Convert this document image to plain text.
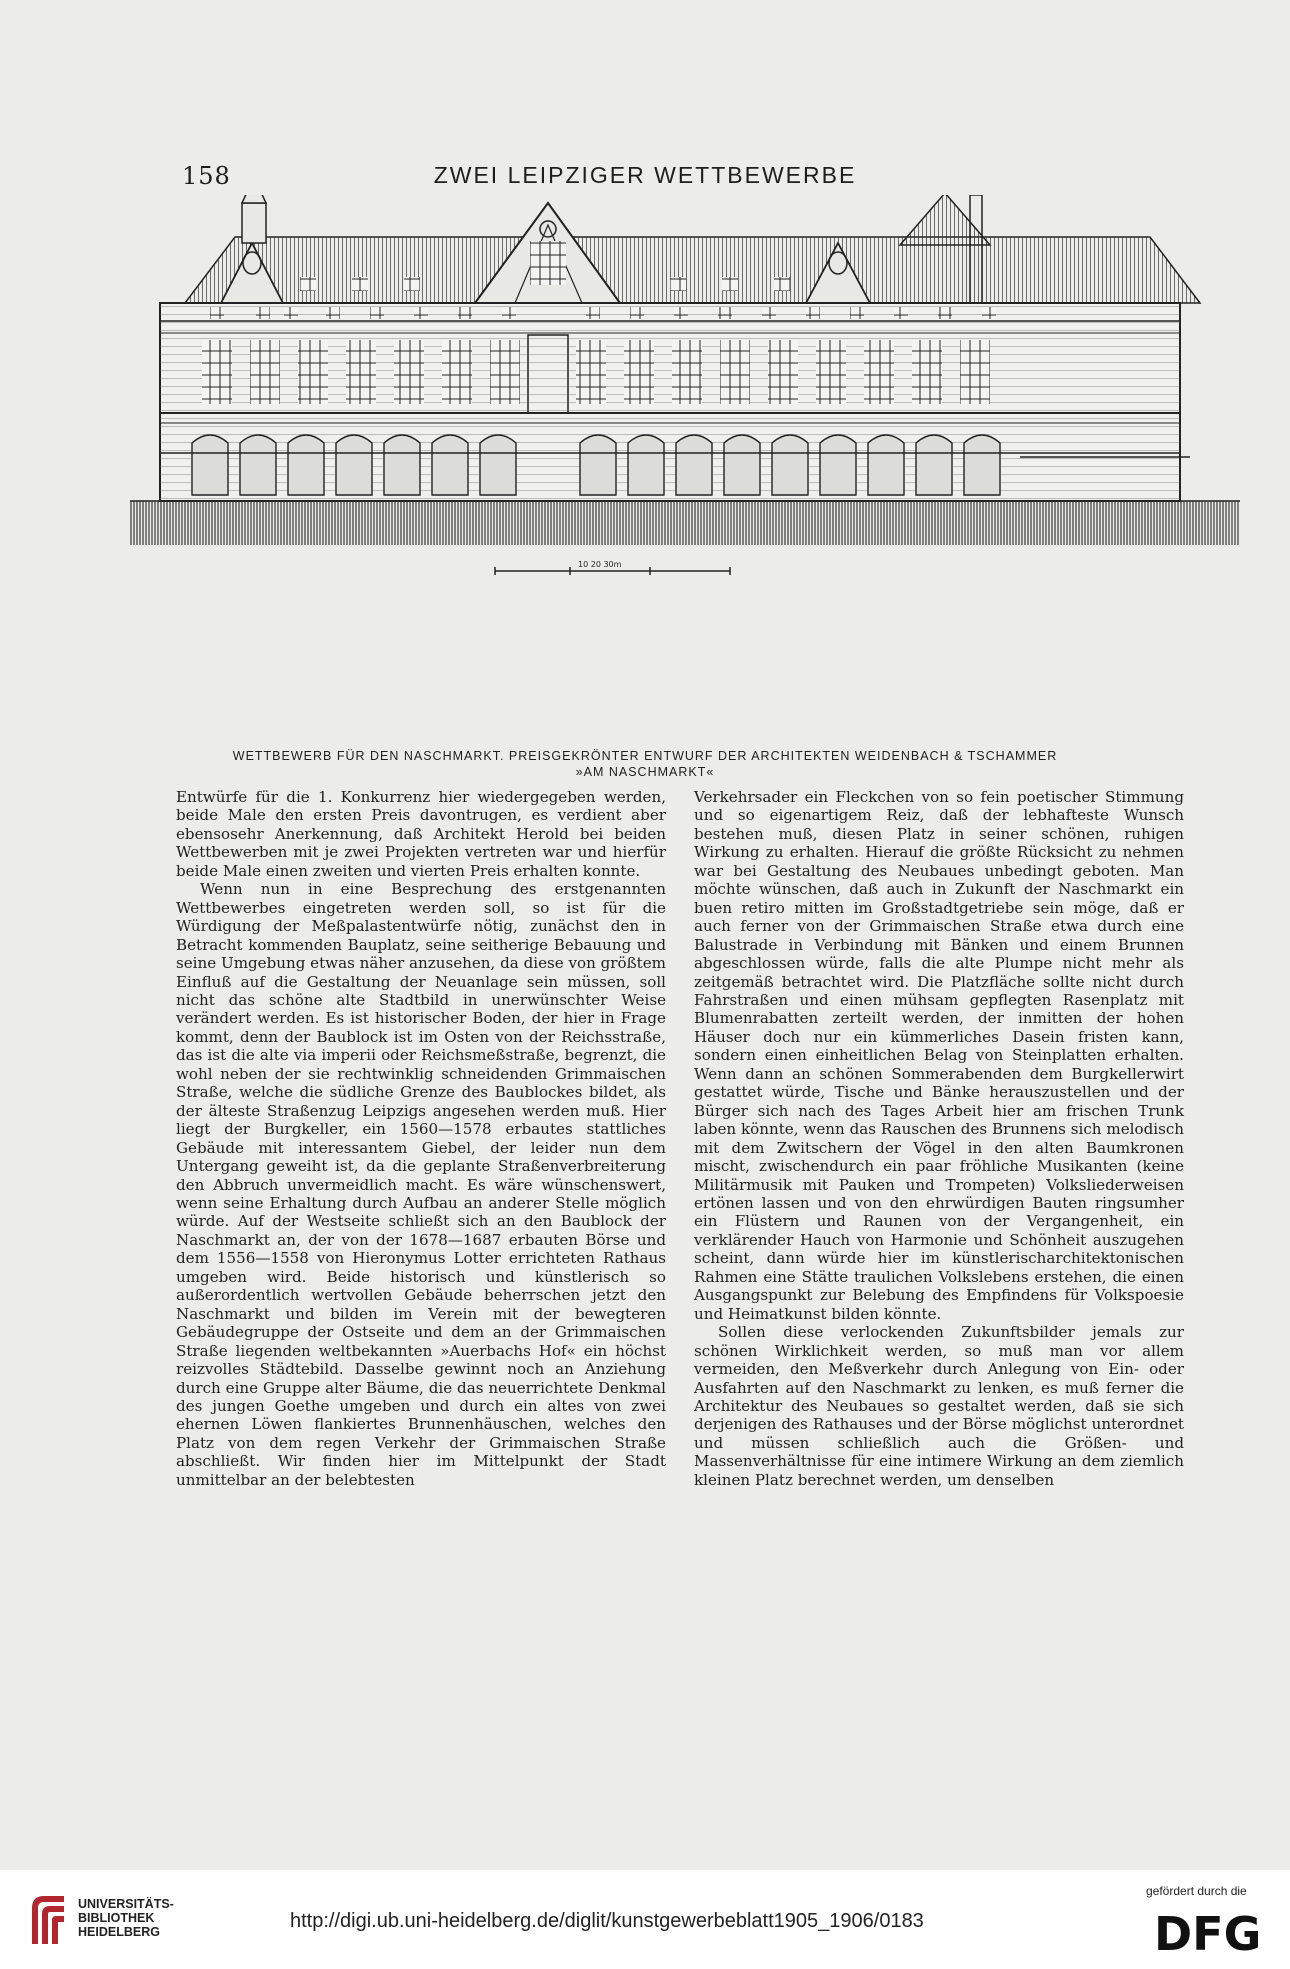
158	ZWEI LEIPZIGER WETTBEWERBE
10 20 30m
WETTBEWERB FÜR DEN NASCHMARKT. PREISGEKRÖNTER ENTWURF DER ARCHITEKTEN WEIDENBACH & TSCHAMMER
»AM NASCHMARKT«

Entwürfe für die 1. Konkurrenz hier wiedergegeben werden, beide Male den ersten Preis davontrugen, es verdient aber ebensosehr Anerkennung, daß Architekt Herold bei beiden Wettbewerben mit je zwei Projekten vertreten war und hierfür beide Male einen zweiten und vierten Preis erhalten konnte.

Wenn nun in eine Besprechung des erstgenannten Wettbewerbes eingetreten werden soll, so ist für die Würdigung der Meßpalastentwürfe nötig, zunächst den in Betracht kommenden Bauplatz, seine seitherige Bebauung und seine Umgebung etwas näher anzusehen, da diese von größtem Einfluß auf die Gestaltung der Neuanlage sein müssen, soll nicht das schöne alte Stadtbild in unerwünschter Weise verändert werden. Es ist historischer Boden, der hier in Frage kommt, denn der Baublock ist im Osten von der Reichsstraße, das ist die alte via imperii oder Reichsmeßstraße, begrenzt, die wohl neben der sie rechtwinklig schneidenden Grimmaischen Straße, welche die südliche Grenze des Baublockes bildet, als der älteste Straßenzug Leipzigs angesehen werden muß. Hier liegt der Burgkeller, ein 1560—1578 erbautes stattliches Gebäude mit interessantem Giebel, der leider nun dem Untergang geweiht ist, da die geplante Straßenverbreiterung den Abbruch unvermeidlich macht. Es wäre wünschenswert, wenn seine Erhaltung durch Aufbau an anderer Stelle möglich würde. Auf der Westseite schließt sich an den Baublock der Naschmarkt an, der von der 1678—1687 erbauten Börse und dem 1556—1558 von Hieronymus Lotter errichteten Rathaus umgeben wird. Beide historisch und künstlerisch so außerordentlich wertvollen Gebäude beherrschen jetzt den Naschmarkt und bilden im Verein mit der bewegteren Gebäudegruppe der Ostseite und dem an der Grimmaischen Straße liegenden weltbekannten »Auerbachs Hof« ein höchst reizvolles Städtebild. Dasselbe gewinnt noch an Anziehung durch eine Gruppe alter Bäume, die das neuerrichtete Denkmal des jungen Goethe umgeben und durch ein altes von zwei ehernen Löwen flankiertes Brunnenhäuschen, welches den Platz von dem regen Verkehr der Grimmaischen Straße abschließt. Wir finden hier im Mittelpunkt der Stadt unmittelbar an der belebtesten

Verkehrsader ein Fleckchen von so fein poetischer Stimmung und so eigenartigem Reiz, daß der lebhafteste Wunsch bestehen muß, diesen Platz in seiner schönen, ruhigen Wirkung zu erhalten. Hierauf die größte Rücksicht zu nehmen war bei Gestaltung des Neubaues unbedingt geboten. Man möchte wünschen, daß auch in Zukunft der Naschmarkt ein buen retiro mitten im Großstadtgetriebe sein möge, daß er auch ferner von der Grimmaischen Straße etwa durch eine Balustrade in Verbindung mit Bänken und einem Brunnen abgeschlossen würde, falls die alte Plumpe nicht mehr als zeitgemäß betrachtet wird. Die Platzfläche sollte nicht durch Fahrstraßen und einen mühsam gepflegten Rasenplatz mit Blumenrabatten zerteilt werden, der inmitten der hohen Häuser doch nur ein kümmerliches Dasein fristen kann, sondern einen einheitlichen Belag von Steinplatten erhalten. Wenn dann an schönen Sommerabenden dem Burgkellerwirt gestattet würde, Tische und Bänke herauszustellen und der Bürger sich nach des Tages Arbeit hier am frischen Trunk laben könnte, wenn das Rauschen des Brunnens sich melodisch mit dem Zwitschern der Vögel in den alten Baumkronen mischt, zwischendurch ein paar fröhliche Musikanten (keine Militärmusik mit Pauken und Trompeten) Volksliederweisen ertönen lassen und von den ehrwürdigen Bauten ringsumher ein Flüstern und Raunen von der Vergangenheit, ein verklärender Hauch von Harmonie und Schönheit auszugehen scheint, dann würde hier im künstlerischarchitektonischen Rahmen eine Stätte traulichen Volkslebens erstehen, die einen Ausgangspunkt zur Belebung des Empfindens für Volkspoesie und Heimatkunst bilden könnte.

Sollen diese verlockenden Zukunftsbilder jemals zur schönen Wirklichkeit werden, so muß man vor allem vermeiden, den Meßverkehr durch Anlegung von Ein- oder Ausfahrten auf den Naschmarkt zu lenken, es muß ferner die Architektur des Neubaues so gestaltet werden, daß sie sich derjenigen des Rathauses und der Börse möglichst unterordnet und müssen schließlich auch die Größen- und Massenverhältnisse für eine intimere Wirkung an dem ziemlich kleinen Platz berechnet werden, um denselben

UNIVERSITÄTS-
BIBLIOTHEK
HEIDELBERG	http://digi.ub.uni-heidelberg.de/diglit/kunstgewerbeblatt1905_1906/0183
gefördert durch die
DFG
